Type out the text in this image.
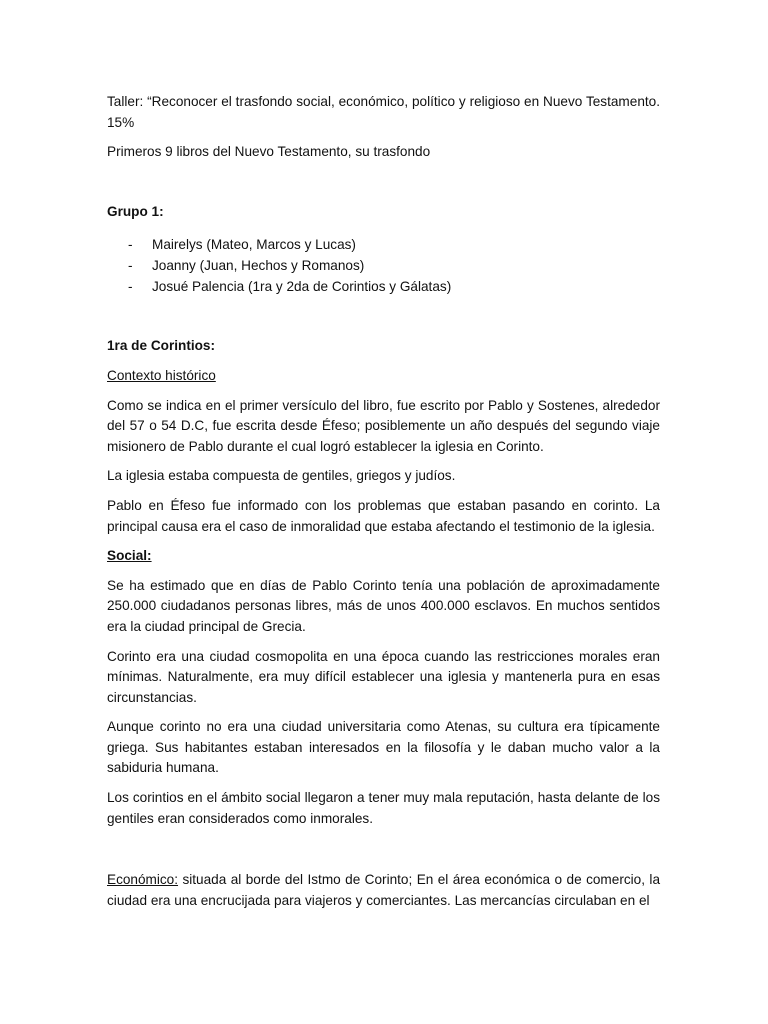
Taller: “Reconocer el trasfondo social, económico, político y religioso en Nuevo Testamento. 15%

Primeros 9 libros del Nuevo Testamento, su trasfondo

Grupo 1:

- Mairelys (Mateo, Marcos y Lucas)
- Joanny (Juan, Hechos y Romanos)
- Josué Palencia (1ra y 2da de Corintios y Gálatas)

1ra de Corintios:

Contexto histórico

Como se indica en el primer versículo del libro, fue escrito por Pablo y Sostenes, alrededor del 57 o 54 D.C, fue escrita desde Éfeso; posiblemente un año después del segundo viaje misionero de Pablo durante el cual logró establecer la iglesia en Corinto.

La iglesia estaba compuesta de gentiles, griegos y judíos.

Pablo en Éfeso fue informado con los problemas que estaban pasando en corinto. La principal causa era el caso de inmoralidad que estaba afectando el testimonio de la iglesia.

Social:

Se ha estimado que en días de Pablo Corinto tenía una población de aproximadamente 250.000 ciudadanos personas libres, más de unos 400.000 esclavos. En muchos sentidos era la ciudad principal de Grecia.

Corinto era una ciudad cosmopolita en una época cuando las restricciones morales eran mínimas. Naturalmente, era muy difícil establecer una iglesia y mantenerla pura en esas circunstancias.

Aunque corinto no era una ciudad universitaria como Atenas, su cultura era típicamente griega. Sus habitantes estaban interesados en la filosofía y le daban mucho valor a la sabiduria humana.

Los corintios en el ámbito social llegaron a tener muy mala reputación, hasta delante de los gentiles eran considerados como inmorales.

Económico: situada al borde del Istmo de Corinto; En el área económica o de comercio, la ciudad era una encrucijada para viajeros y comerciantes. Las mercancías circulaban en el
